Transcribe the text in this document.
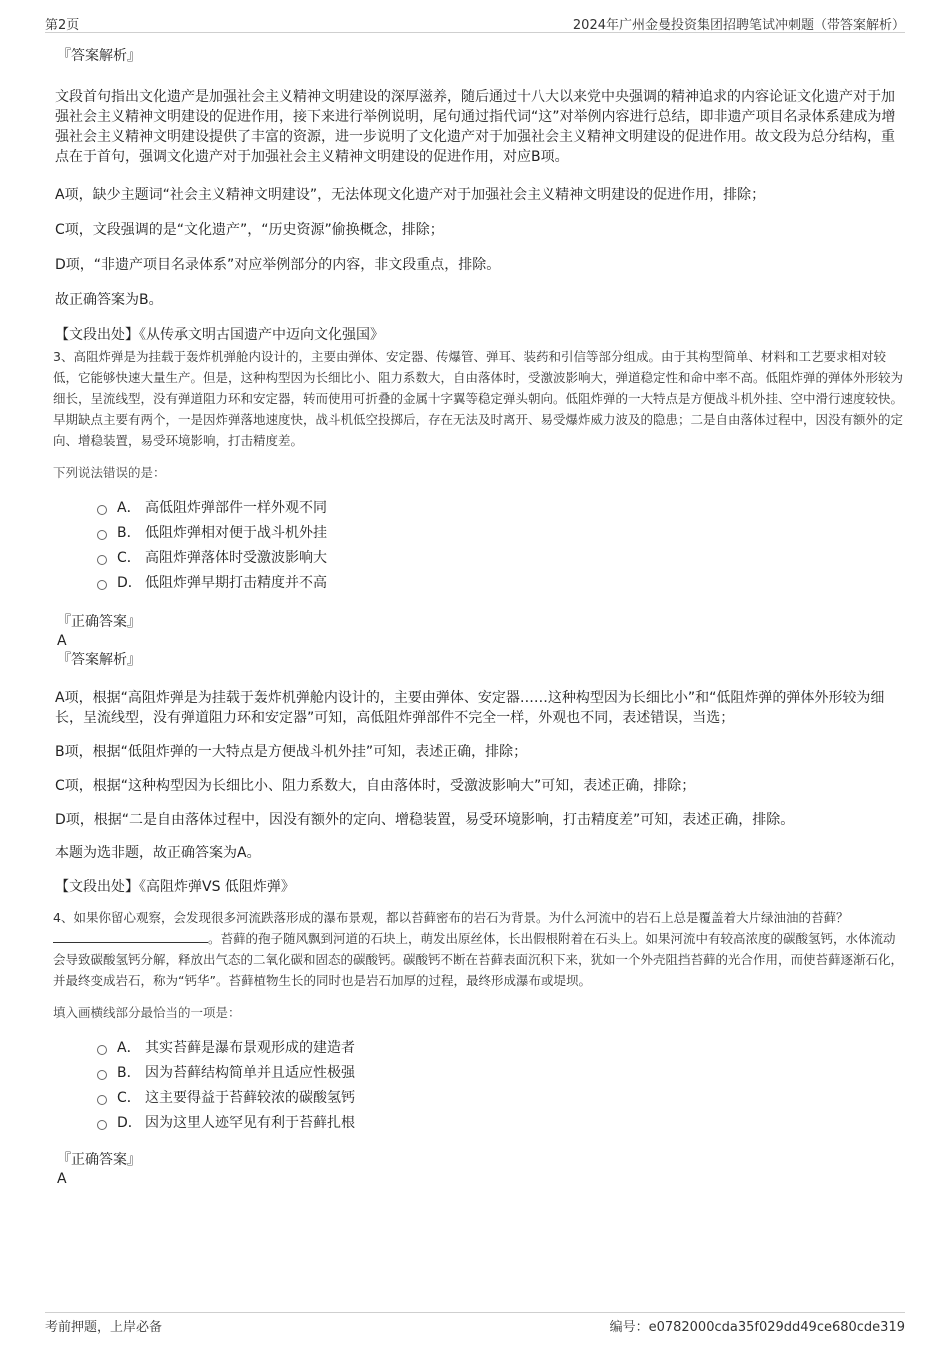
第2页	2024年广州金曼投资集团招聘笔试冲刺题（带答案解析）

『答案解析』

文段首句指出文化遗产是加强社会主义精神文明建设的深厚滋养，随后通过十八大以来党中央强调的精神追求的内容论证文化遗产对于加强社会主义精神文明建设的促进作用，接下来进行举例说明，尾句通过指代词“这”对举例内容进行总结，即非遗产项目名录体系建成为增强社会主义精神文明建设提供了丰富的资源，进一步说明了文化遗产对于加强社会主义精神文明建设的促进作用。故文段为总分结构，重点在于首句，强调文化遗产对于加强社会主义精神文明建设的促进作用，对应B项。

A项，缺少主题词“社会主义精神文明建设”，无法体现文化遗产对于加强社会主义精神文明建设的促进作用，排除；

C项，文段强调的是“文化遗产”，“历史资源”偷换概念，排除；

D项，“非遗产项目名录体系”对应举例部分的内容，非文段重点，排除。

故正确答案为B。

【文段出处】《从传承文明古国遗产中迈向文化强国》

3、高阻炸弹是为挂载于轰炸机弹舱内设计的，主要由弹体、安定器、传爆管、弹耳、装药和引信等部分组成。由于其构型简单、材料和工艺要求相对较低，它能够快速大量生产。但是，这种构型因为长细比小、阻力系数大，自由落体时，受激波影响大，弹道稳定性和命中率不高。低阻炸弹的弹体外形较为细长，呈流线型，没有弹道阻力环和安定器，转而使用可折叠的金属十字翼等稳定弹头朝向。低阻炸弹的一大特点是方便战斗机外挂、空中滑行速度较快。早期缺点主要有两个，一是因炸弹落地速度快，战斗机低空投掷后，存在无法及时离开、易受爆炸威力波及的隐患；二是自由落体过程中，因没有额外的定向、增稳装置，易受环境影响，打击精度差。

下列说法错误的是：

A． 高低阻炸弹部件一样外观不同
B． 低阻炸弹相对便于战斗机外挂
C． 高阻炸弹落体时受激波影响大
D． 低阻炸弹早期打击精度并不高

『正确答案』

A

『答案解析』

A项，根据“高阻炸弹是为挂载于轰炸机弹舱内设计的，主要由弹体、安定器……这种构型因为长细比小”和“低阻炸弹的弹体外形较为细长，呈流线型，没有弹道阻力环和安定器”可知，高低阻炸弹部件不完全一样，外观也不同，表述错误，当选；

B项，根据“低阻炸弹的一大特点是方便战斗机外挂”可知，表述正确，排除；

C项，根据“这种构型因为长细比小、阻力系数大，自由落体时，受激波影响大”可知，表述正确，排除；

D项，根据“二是自由落体过程中，因没有额外的定向、增稳装置，易受环境影响，打击精度差”可知，表述正确，排除。

本题为选非题，故正确答案为A。

【文段出处】《高阻炸弹VS 低阻炸弹》

4、如果你留心观察，会发现很多河流跌落形成的瀑布景观，都以苔藓密布的岩石为背景。为什么河流中的岩石上总是覆盖着大片绿油油的苔藓？。苔藓的孢子随风飘到河道的石块上，萌发出原丝体，长出假根附着在石头上。如果河流中有较高浓度的碳酸氢钙，水体流动会导致碳酸氢钙分解，释放出气态的二氧化碳和固态的碳酸钙。碳酸钙不断在苔藓表面沉积下来，犹如一个外壳阻挡苔藓的光合作用，而使苔藓逐渐石化，并最终变成岩石，称为“钙华”。苔藓植物生长的同时也是岩石加厚的过程，最终形成瀑布或堤坝。

填入画横线部分最恰当的一项是：

A． 其实苔藓是瀑布景观形成的建造者
B． 因为苔藓结构简单并且适应性极强
C． 这主要得益于苔藓较浓的碳酸氢钙
D． 因为这里人迹罕见有利于苔藓扎根

『正确答案』

A

考前押题，上岸必备	编号：e0782000cda35f029dd49ce680cde319
